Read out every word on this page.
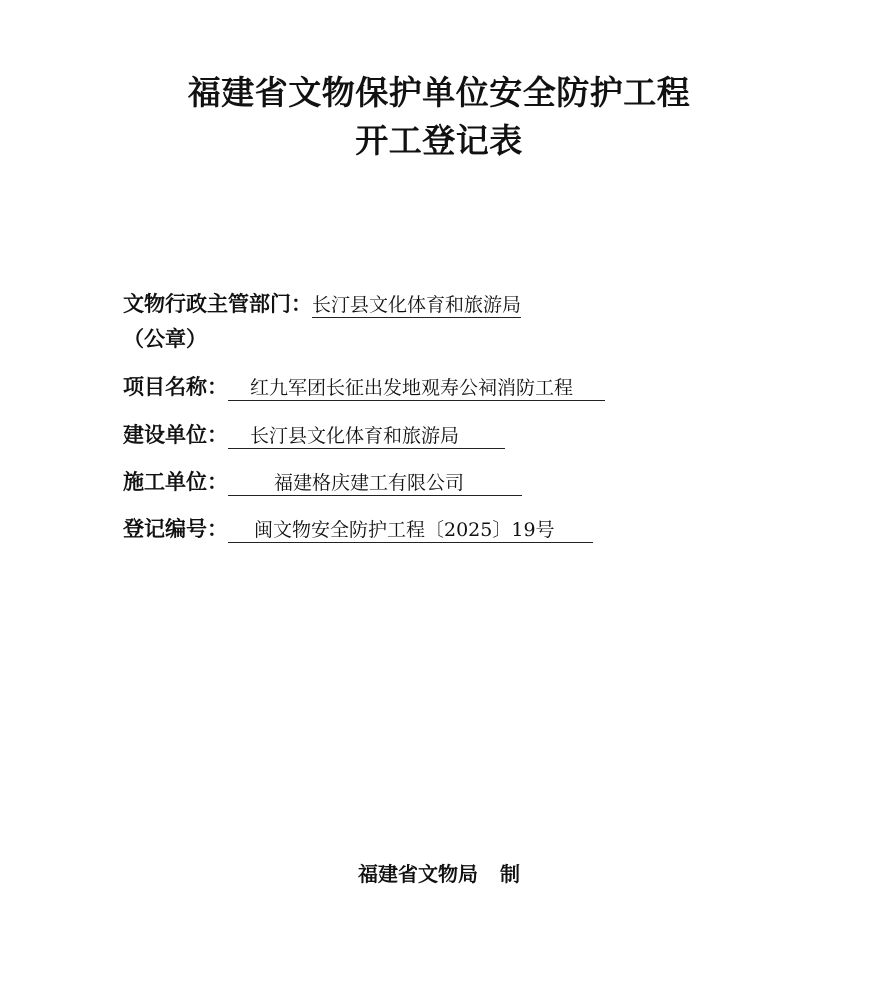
福建省文物保护单位安全防护工程
开工登记表
文物行政主管部门：长汀县文化体育和旅游局
（公章）
项目名称： 红九军团长征出发地观寿公祠消防工程
建设单位： 长汀县文化体育和旅游局
施工单位： 福建格庆建工有限公司
登记编号： 闽文物安全防护工程〔2025〕19号
福建省文物局 制
